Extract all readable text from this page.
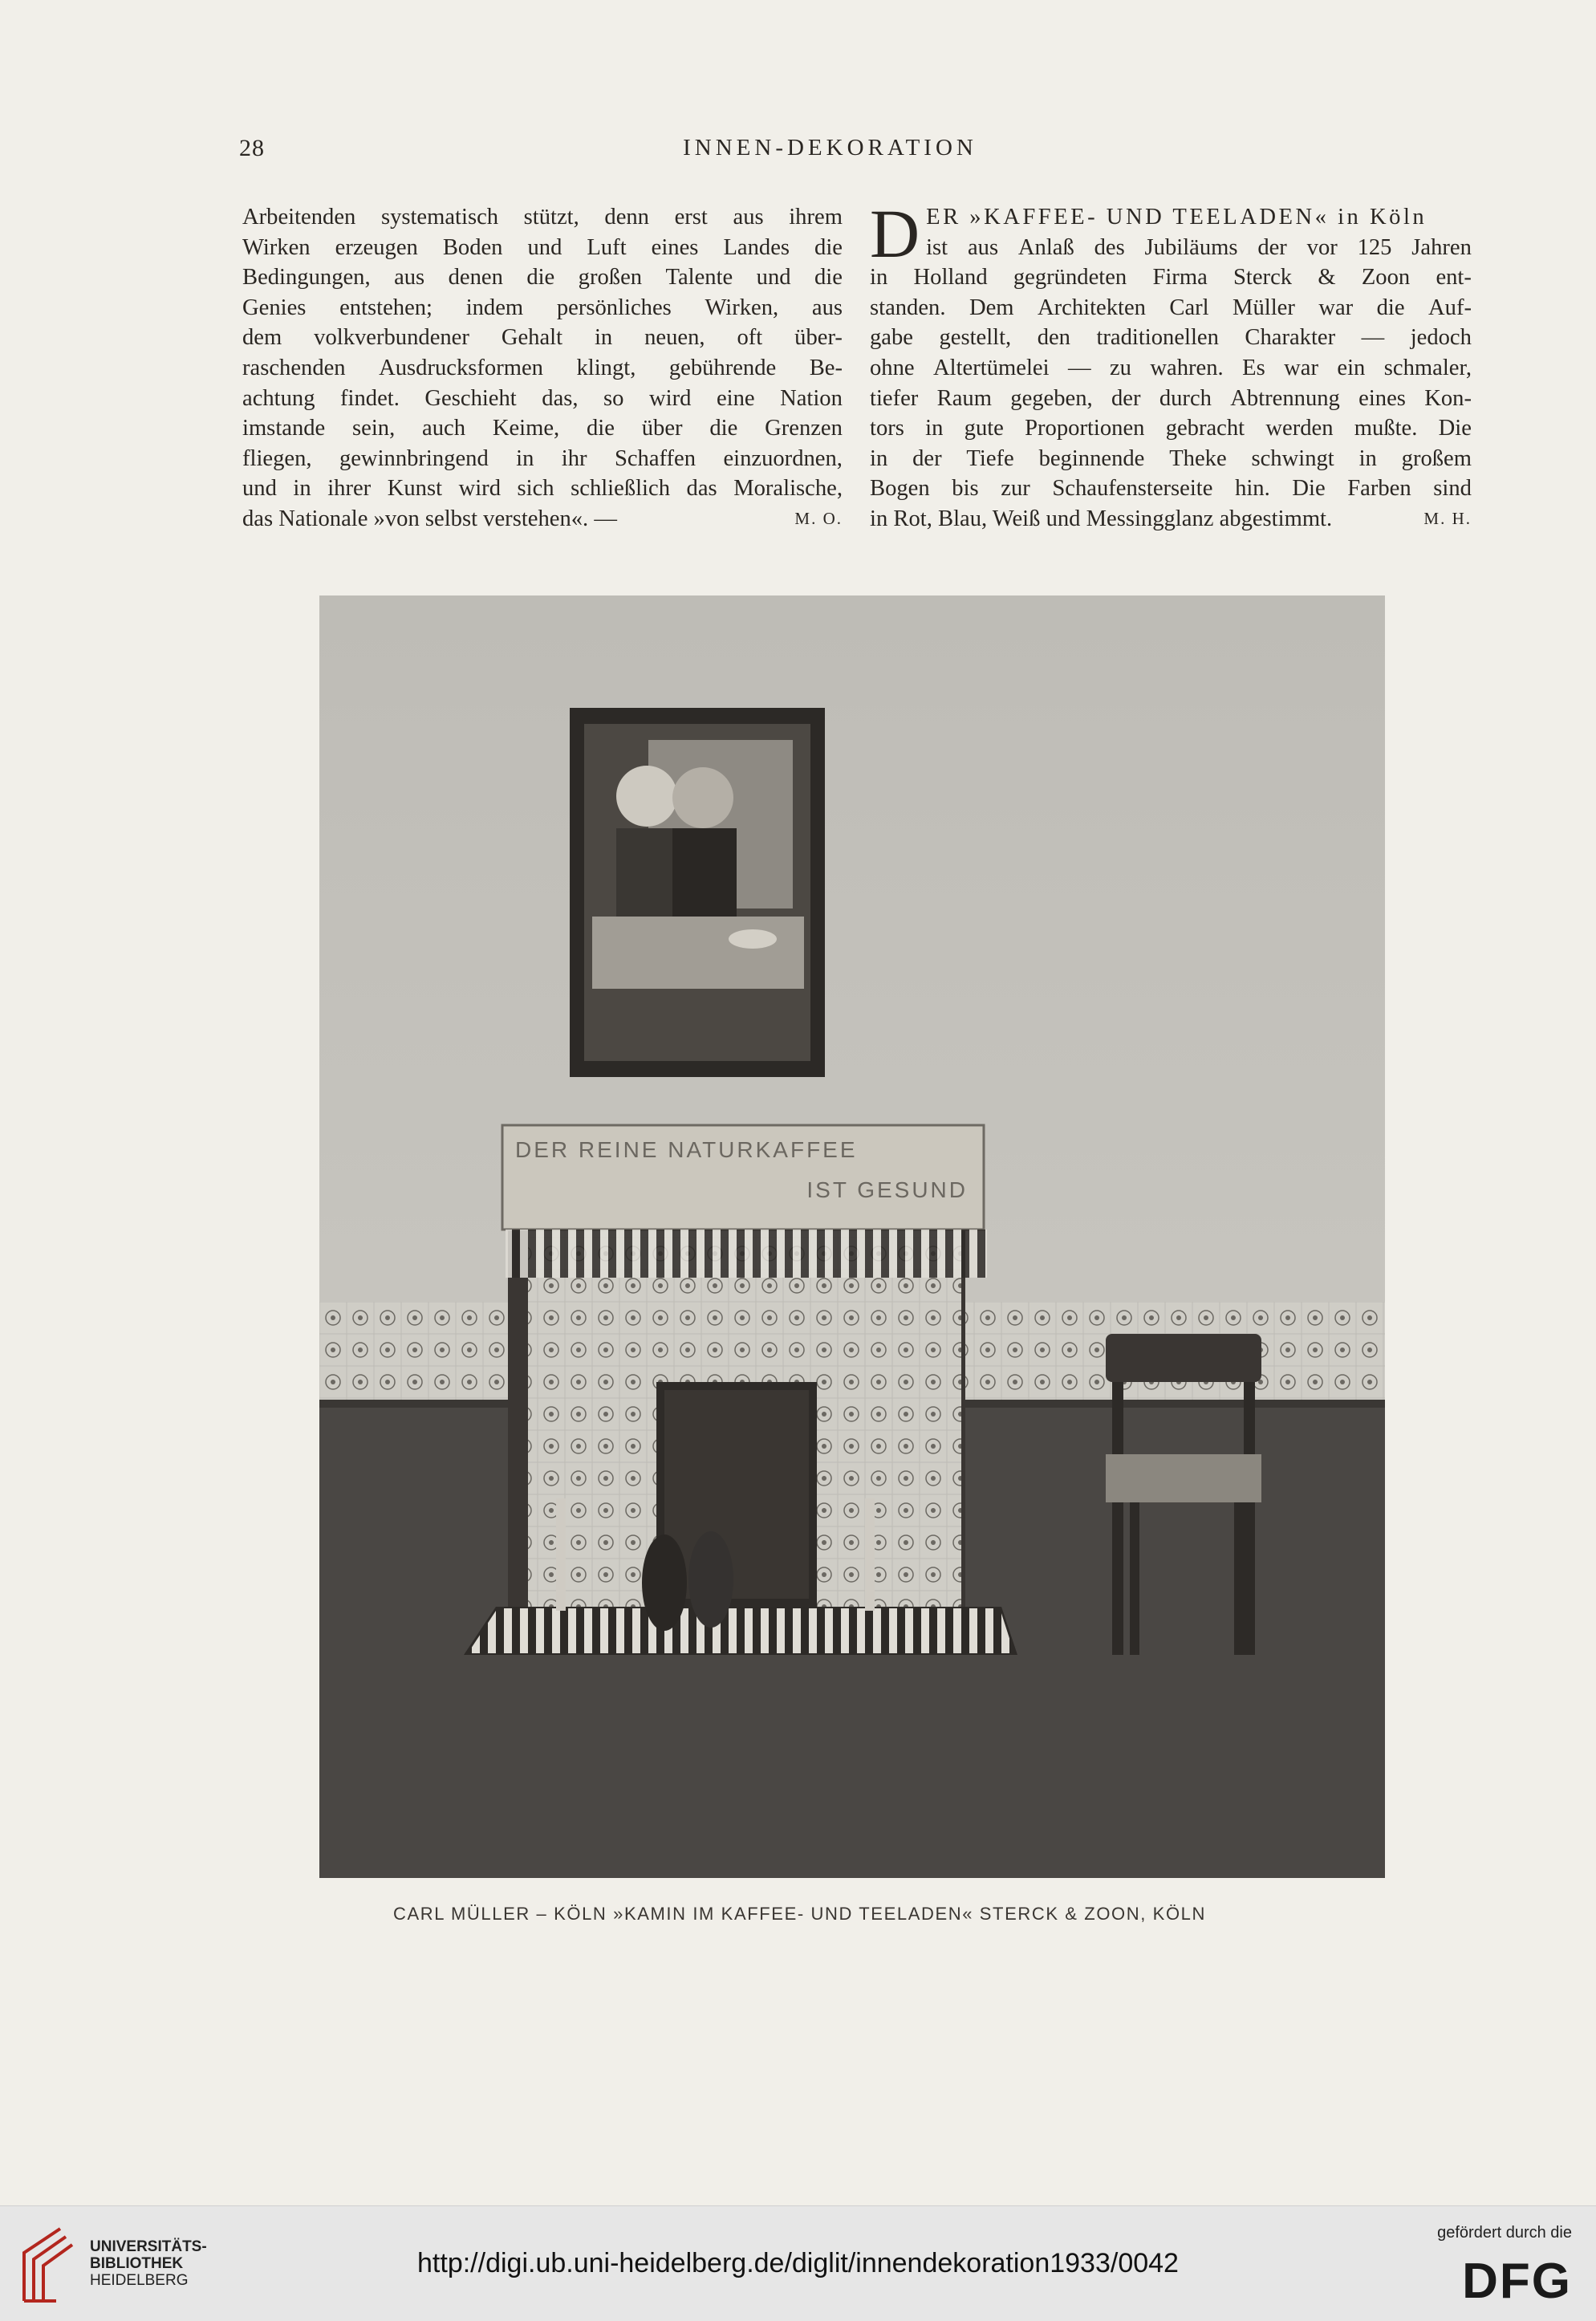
28	INNEN-DEKORATION
Arbeitenden systematisch stützt, denn erst aus ihrem
Wirken erzeugen Boden und Luft eines Landes die
Bedingungen, aus denen die großen Talente und die
Genies entstehen; indem persönliches Wirken, aus
dem volkverbundener Gehalt in neuen, oft über-
raschenden Ausdrucksformen klingt, gebührende Be-
achtung findet. Geschieht das, so wird eine Nation
imstande sein, auch Keime, die über die Grenzen
fliegen, gewinnbringend in ihr Schaffen einzuordnen,
und in ihrer Kunst wird sich schließlich das Moralische,
das Nationale »von selbst verstehen«. —	M. O.
D ER »KAFFEE- UND TEELADEN« in Köln
ist aus Anlaß des Jubiläums der vor 125 Jahren
in Holland gegründeten Firma Sterck & Zoon ent-
standen. Dem Architekten Carl Müller war die Auf-
gabe gestellt, den traditionellen Charakter — jedoch
ohne Altertümelei — zu wahren. Es war ein schmaler,
tiefer Raum gegeben, der durch Abtrennung eines Kon-
tors in gute Proportionen gebracht werden mußte. Die
in der Tiefe beginnende Theke schwingt in großem
Bogen bis zur Schaufensterseite hin. Die Farben sind
in Rot, Blau, Weiß und Messingglanz abgestimmt.	M. H.
DER REINE NATURKAFFEE
IST GESUND
CARL MÜLLER – KÖLN »KAMIN IM KAFFEE- UND TEELADEN« STERCK & ZOON, KÖLN
UNIVERSITÄTS-
BIBLIOTHEK
HEIDELBERG
http://digi.ub.uni-heidelberg.de/diglit/innendekoration1933/0042
gefördert durch die
DFG
